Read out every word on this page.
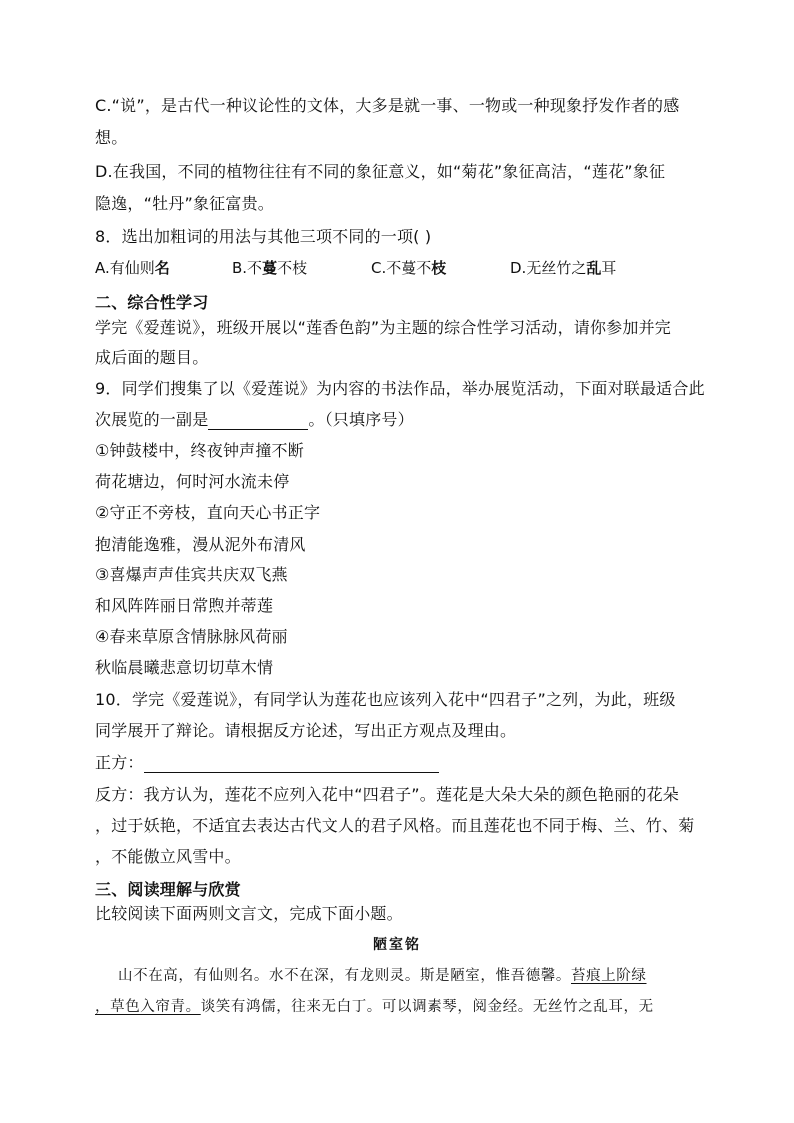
C.“说”，是古代一种议论性的文体，大多是就一事、一物或一种现象抒发作者的感
想。
D.在我国，不同的植物往往有不同的象征意义，如“菊花”象征高洁，“莲花”象征
隐逸，“牡丹”象征富贵。
8．选出加粗词的用法与其他三项不同的一项( )
A.有仙则名	B.不蔓不枝	C.不蔓不枝	D.无丝竹之乱耳
二、综合性学习
学完《爱莲说》，班级开展以“莲香色韵”为主题的综合性学习活动，请你参加并完
成后面的题目。
9．同学们搜集了以《爱莲说》为内容的书法作品，举办展览活动，下面对联最适合此
次展览的一副是	。（只填序号）
①钟鼓楼中，终夜钟声撞不断
荷花塘边，何时河水流未停
②守正不旁枝，直向天心书正字
抱清能逸雅，漫从泥外布清风
③喜爆声声佳宾共庆双飞燕
和风阵阵丽日常煦并蒂莲
④春来草原含情脉脉风荷丽
秋临晨曦悲意切切草木情
10．学完《爱莲说》，有同学认为莲花也应该列入花中“四君子”之列，为此，班级
同学展开了辩论。请根据反方论述，写出正方观点及理由。
正方：
反方：我方认为，莲花不应列入花中“四君子”。莲花是大朵大朵的颜色艳丽的花朵
，过于妖艳，不适宜去表达古代文人的君子风格。而且莲花也不同于梅、兰、竹、菊
，不能傲立风雪中。
三、阅读理解与欣赏
比较阅读下面两则文言文，完成下面小题。
陋室铭
山不在高，有仙则名。水不在深，有龙则灵。斯是陋室，惟吾德馨。苔痕上阶绿
，草色入帘青。谈笑有鸿儒，往来无白丁。可以调素琴，阅金经。无丝竹之乱耳，无
